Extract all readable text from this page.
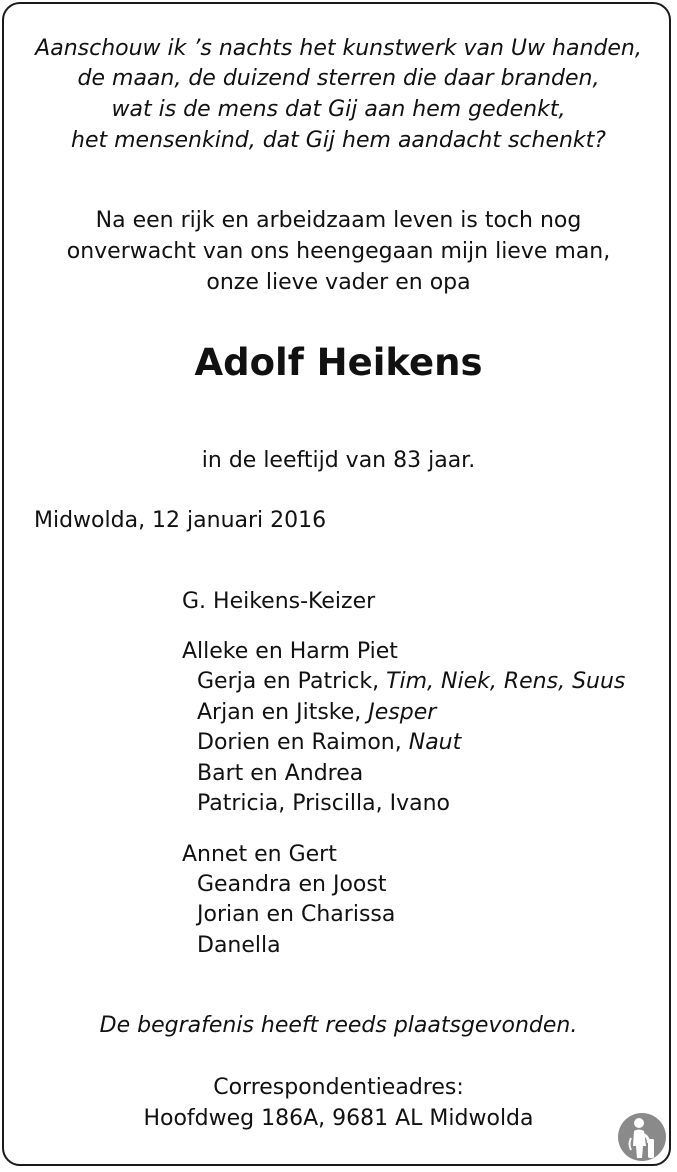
Aanschouw ik ’s nachts het kunstwerk van Uw handen,
de maan, de duizend sterren die daar branden,
wat is de mens dat Gij aan hem gedenkt,
het mensenkind, dat Gij hem aandacht schenkt?
Na een rijk en arbeidzaam leven is toch nog
onverwacht van ons heengegaan mijn lieve man,
onze lieve vader en opa
Adolf Heikens
in de leeftijd van 83 jaar.
Midwolda, 12 januari 2016
G. Heikens-Keizer
Alleke en Harm Piet
Gerja en Patrick, Tim, Niek, Rens, Suus
Arjan en Jitske, Jesper
Dorien en Raimon, Naut
Bart en Andrea
Patricia, Priscilla, Ivano
Annet en Gert
Geandra en Joost
Jorian en Charissa
Danella
De begrafenis heeft reeds plaatsgevonden.
Correspondentieadres:
Hoofdweg 186A, 9681 AL Midwolda
